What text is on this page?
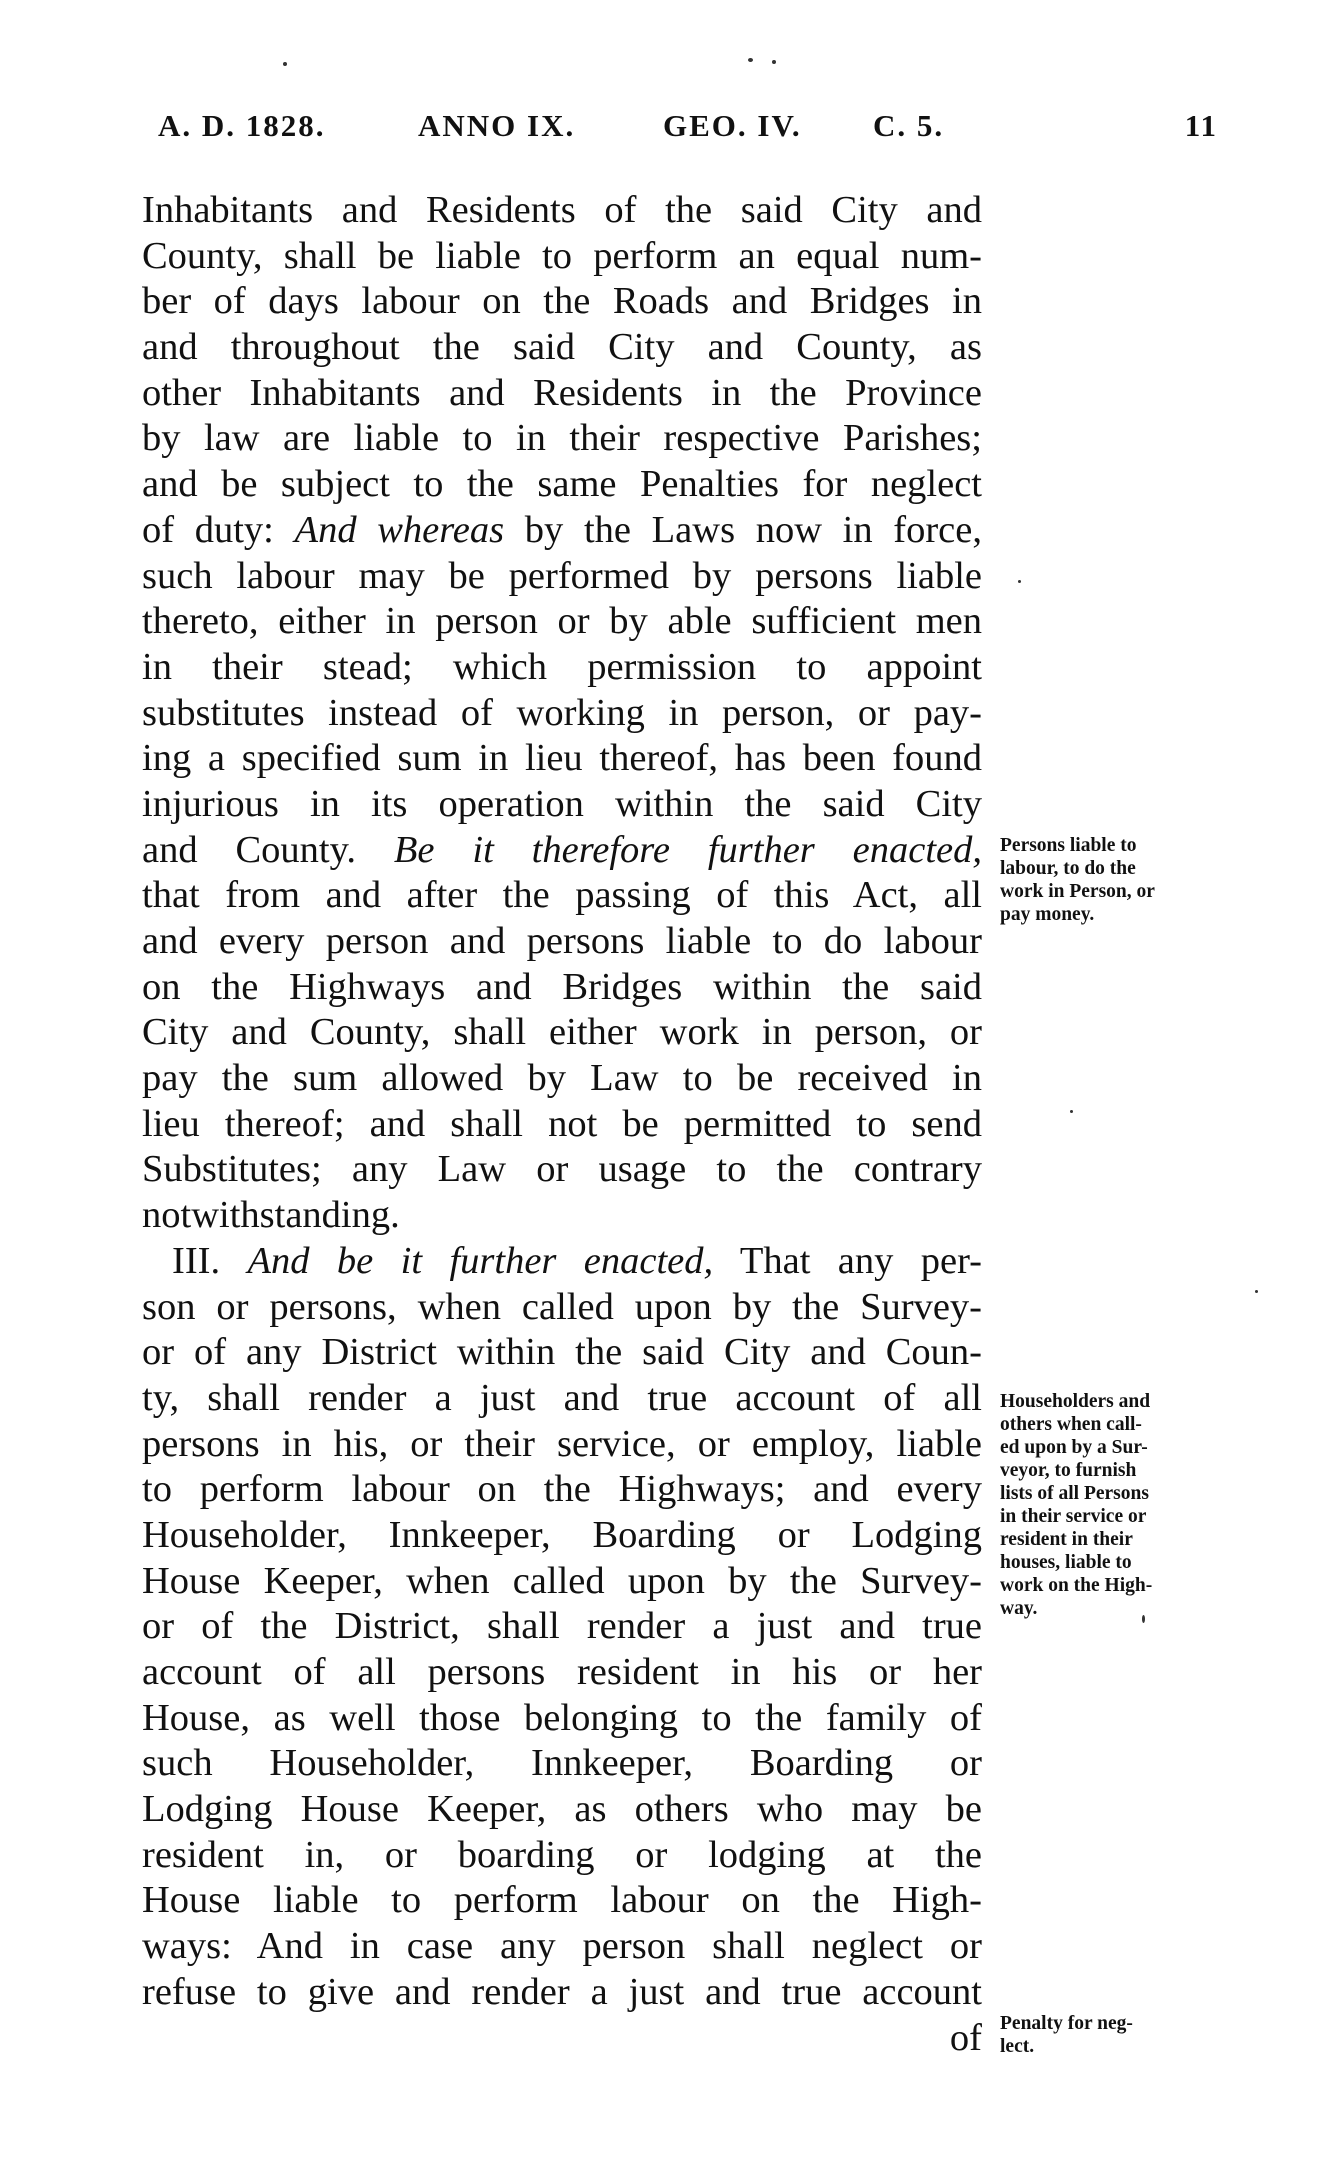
A. D. 1828.	ANNO IX.	GEO. IV. C. 5.	11
Inhabitants and Residents of the said City and
County, shall be liable to perform an equal num-
ber of days labour on the Roads and Bridges in
and throughout the said City and County, as
other Inhabitants and Residents in the Province
by law are liable to in their respective Parishes;
and be subject to the same Penalties for neglect
of duty: And whereas by the Laws now in force,
such labour may be performed by persons liable
thereto, either in person or by able sufficient men
in their stead; which permission to appoint
substitutes instead of working in person, or pay-
ing a specified sum in lieu thereof, has been found
injurious in its operation within the said City
and County. Be it therefore further enacted,
that from and after the passing of this Act, all
and every person and persons liable to do labour
on the Highways and Bridges within the said
City and County, shall either work in person, or
pay the sum allowed by Law to be received in
lieu thereof; and shall not be permitted to send
Substitutes; any Law or usage to the contrary
notwithstanding.
III. And be it further enacted, That any per-
son or persons, when called upon by the Survey-
or of any District within the said City and Coun-
ty, shall render a just and true account of all
persons in his, or their service, or employ, liable
to perform labour on the Highways; and every
Householder, Innkeeper, Boarding or Lodging
House Keeper, when called upon by the Survey-
or of the District, shall render a just and true
account of all persons resident in his or her
House, as well those belonging to the family of
such Householder, Innkeeper, Boarding or
Lodging House Keeper, as others who may be
resident in, or boarding or lodging at the
House liable to perform labour on the High-
ways: And in case any person shall neglect or
refuse to give and render a just and true account
of
Persons liable to
labour, to do the
work in Person, or
pay money.
Householders and
others when call-
ed upon by a Sur-
veyor, to furnish
lists of all Persons
in their service or
resident in their
houses, liable to
work on the High-
way.
Penalty for neg-
lect.
